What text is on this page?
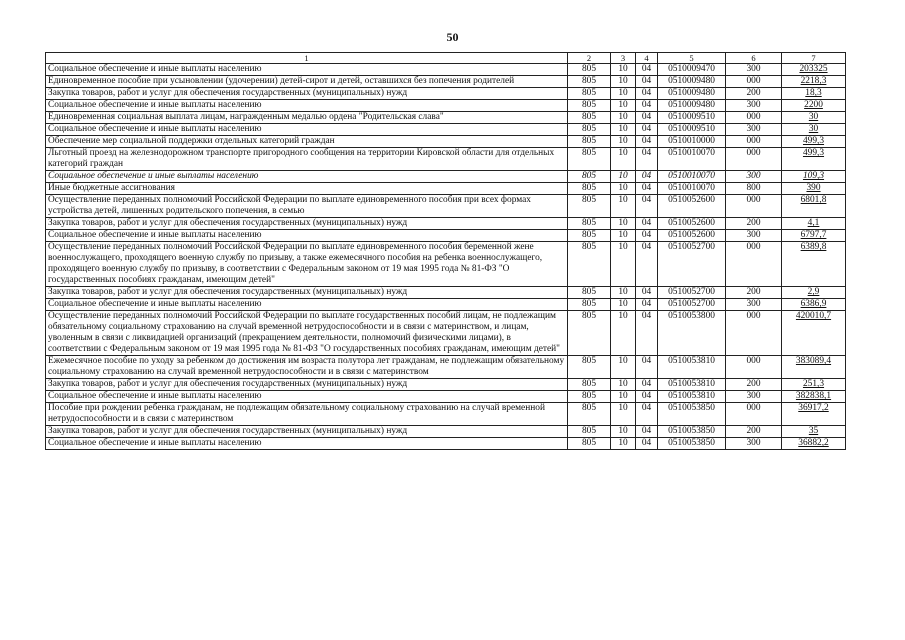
50
1	2	3	4	5	6	7
Социальное обеспечение и иные выплаты населению	805	10	04	0510009470	300	203325
Единовременное пособие при усыновлении (удочерении) детей-сирот и детей, оставшихся без попечения родителей	805	10	04	0510009480	000	2218,3
Закупка товаров, работ и услуг для обеспечения государственных (муниципальных) нужд	805	10	04	0510009480	200	18,3
Социальное обеспечение и иные выплаты населению	805	10	04	0510009480	300	2200
Единовременная социальная выплата лицам, награжденным медалью ордена "Родительская слава"	805	10	04	0510009510	000	30
Социальное обеспечение и иные выплаты населению	805	10	04	0510009510	300	30
Обеспечение мер социальной поддержки отдельных категорий граждан	805	10	04	0510010000	000	499,3
Льготный проезд на железнодорожном транспорте пригородного сообщения на территории Кировской области для отдельных категорий граждан	805	10	04	0510010070	000	499,3
Социальное обеспечение и иные выплаты населению	805	10	04	0510010070	300	109,3
Иные бюджетные ассигнования	805	10	04	0510010070	800	390
Осуществление переданных полномочий Российской Федерации по выплате единовременного пособия при всех формах устройства детей, лишенных родительского попечения, в семью	805	10	04	0510052600	000	6801,8
Закупка товаров, работ и услуг для обеспечения государственных (муниципальных) нужд	805	10	04	0510052600	200	4,1
Социальное обеспечение и иные выплаты населению	805	10	04	0510052600	300	6797,7
Осуществление переданных полномочий Российской Федерации по выплате единовременного пособия беременной жене военнослужащего, проходящего военную службу по призыву, а также ежемесячного пособия на ребенка военнослужащего, проходящего военную службу по призыву, в соответствии с Федеральным законом от 19 мая 1995 года № 81-ФЗ "О государственных пособиях гражданам, имеющим детей"	805	10	04	0510052700	000	6389,8
Закупка товаров, работ и услуг для обеспечения государственных (муниципальных) нужд	805	10	04	0510052700	200	2,9
Социальное обеспечение и иные выплаты населению	805	10	04	0510052700	300	6386,9
Осуществление переданных полномочий Российской Федерации по выплате государственных пособий лицам, не подлежащим обязательному социальному страхованию на случай временной нетрудоспособности и в связи с материнством, и лицам, уволенным в связи с ликвидацией организаций (прекращением деятельности, полномочий физическими лицами), в соответствии с Федеральным законом от 19 мая 1995 года № 81-ФЗ "О государственных пособиях гражданам, имеющим детей"	805	10	04	0510053800	000	420010,7
Ежемесячное пособие по уходу за ребенком до достижения им возраста полутора лет гражданам, не подлежащим обязательному социальному страхованию на случай временной нетрудоспособности и в связи с материнством	805	10	04	0510053810	000	383089,4
Закупка товаров, работ и услуг для обеспечения государственных (муниципальных) нужд	805	10	04	0510053810	200	251,3
Социальное обеспечение и иные выплаты населению	805	10	04	0510053810	300	382838,1
Пособие при рождении ребенка гражданам, не подлежащим обязательному социальному страхованию на случай временной нетрудоспособности и в связи с материнством	805	10	04	0510053850	000	36917,2
Закупка товаров, работ и услуг для обеспечения государственных (муниципальных) нужд	805	10	04	0510053850	200	35
Социальное обеспечение и иные выплаты населению	805	10	04	0510053850	300	36882,2
